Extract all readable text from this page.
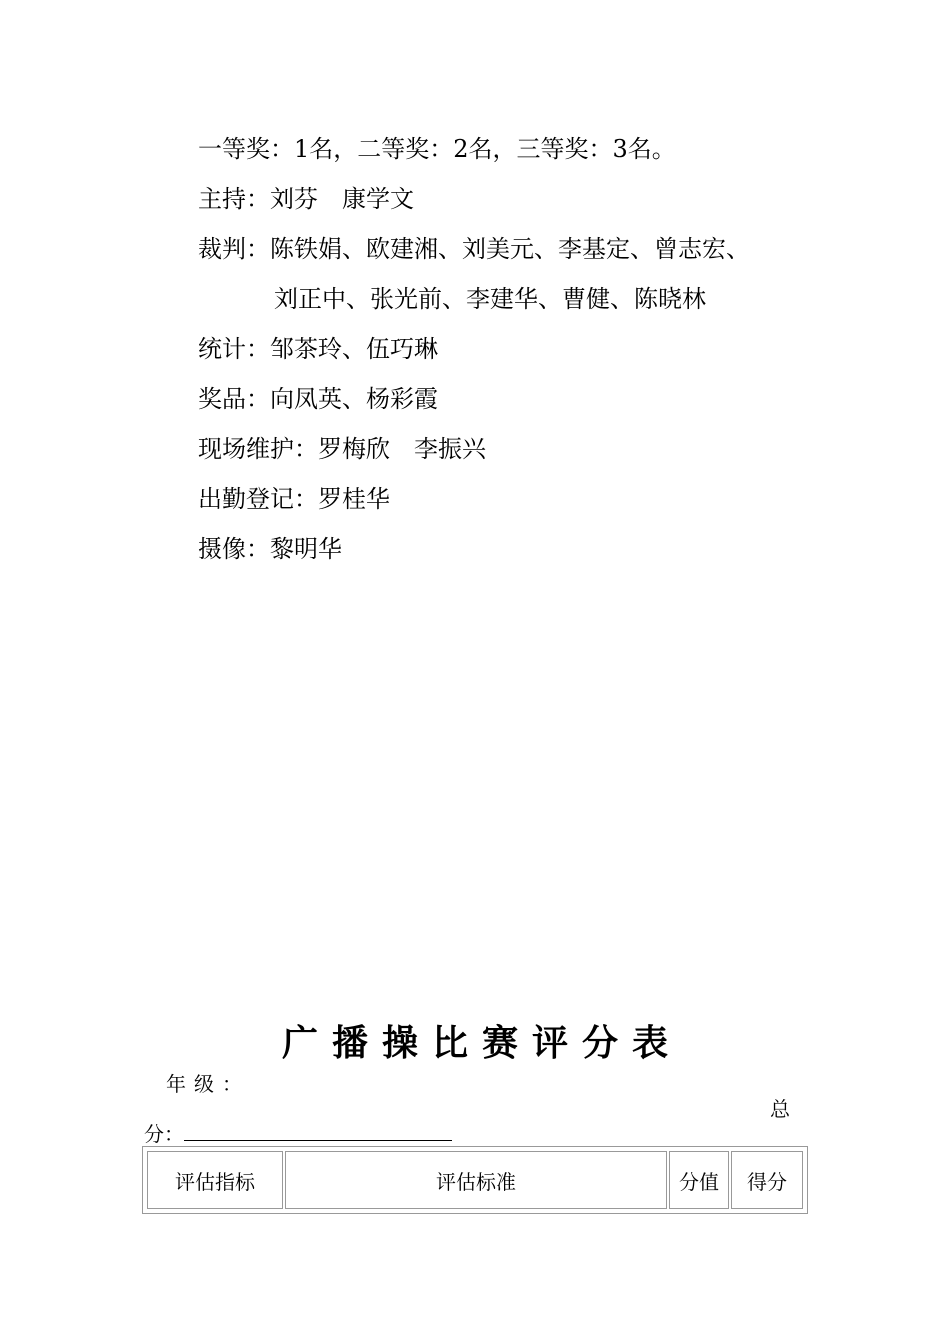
一等奖：1名，二等奖：2名，三等奖：3名。
主持：刘芬　康学文
裁判：陈铁娟、欧建湘、刘美元、李基定、曾志宏、
刘正中、张光前、李建华、曹健、陈晓林
统计：邹茶玲、伍巧琳
奖品：向凤英、杨彩霞
现场维护：罗梅欣　李振兴
出勤登记：罗桂华
摄像：黎明华
广播操比赛评分表
年级：
总
分：
评估指标	评估标准	分值	得分
